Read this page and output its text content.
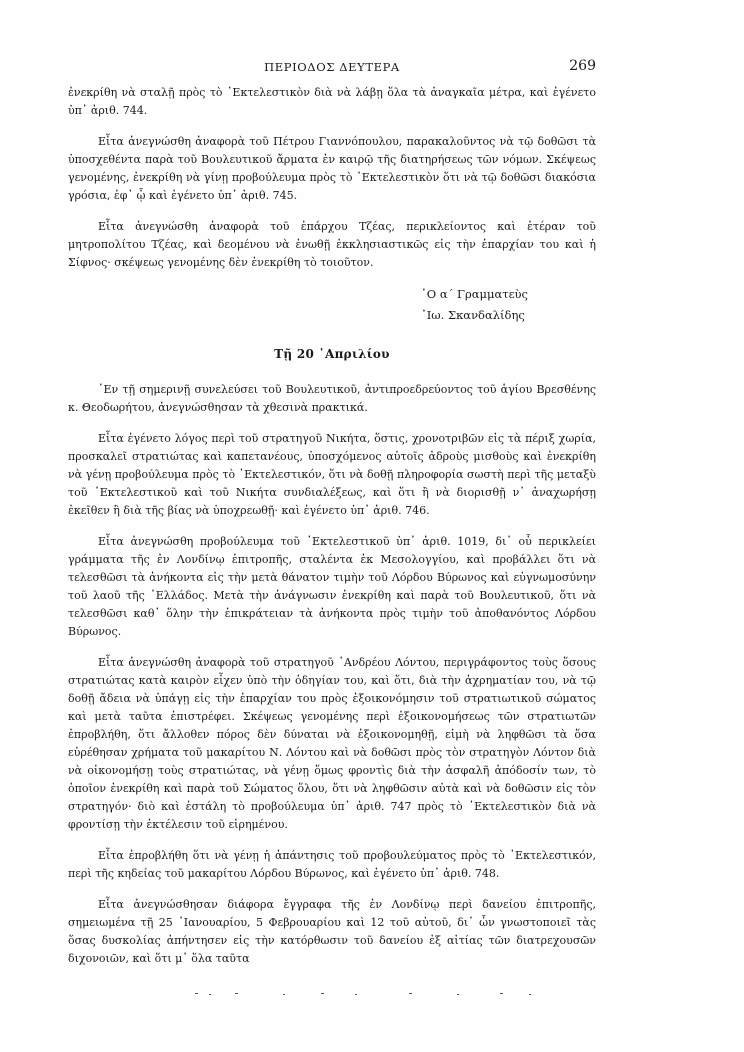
ΠΕΡΙΟΔΟΣ ΔΕΥΤΕΡΑ	269

ἐνεκρίθη νὰ σταλῇ πρὸς τὸ ᾿Εκτελεστικὸν διὰ νὰ λάβῃ ὅλα τὰ ἀναγκαῖα μέτρα, καὶ ἐγένετο ὑπ᾿ ἀριθ. 744.

Εἶτα ἀνεγνώσθη ἀναφορὰ τοῦ Πέτρου Γιαννόπουλου, παρακαλοῦντος νὰ τῷ δοθῶσι τὰ ὑποσχεθέντα παρὰ τοῦ Βουλευτικοῦ ἄρματα ἐν καιρῷ τῆς διατηρήσεως τῶν νόμων. Σκέψεως γενομένης, ἐνεκρίθη νὰ γίνῃ προβούλευμα πρὸς τὸ ᾿Εκτελεστικὸν ὅτι νὰ τῷ δοθῶσι διακόσια γρόσια, ἐφ᾿ ᾧ καὶ ἐγένετο ὑπ᾿ ἀριθ. 745.

Εἶτα ἀνεγνώσθη ἀναφορὰ τοῦ ἐπάρχου Τζέας, περικλείοντος καὶ ἑτέραν τοῦ μητροπολίτου Τζέας, καὶ δεομένου νὰ ἑνωθῇ ἐκκλησιαστικῶς εἰς τὴν ἐπαρχίαν του καὶ ἡ Σίφνος· σκέψεως γενομένης δὲν ἐνεκρίθη τὸ τοιοῦτον.

῾Ο α΄ Γραμματεὺς
᾿Ιω. Σκανδαλίδης
Τῇ 20 ᾿Απριλίου

᾿Εν τῇ σημερινῇ συνελεύσει τοῦ Βουλευτικοῦ, ἀντιπροεδρεύοντος τοῦ ἁγίου Βρεσθένης κ. Θεοδωρήτου, ἀνεγνώσθησαν τὰ χθεσινὰ πρακτικά.

Εἶτα ἐγένετο λόγος περὶ τοῦ στρατηγοῦ Νικήτα, ὅστις, χρονοτριβῶν εἰς τὰ πέριξ χωρία, προσκαλεῖ στρατιώτας καὶ καπετανέους, ὑποσχόμενος αὐτοῖς ἀδροὺς μισθοὺς καὶ ἐνεκρίθη νὰ γένῃ προβούλευμα πρὸς τὸ ᾿Εκτελεστικόν, ὅτι νὰ δοθῇ πληροφορία σωστὴ περὶ τῆς μεταξὺ τοῦ ᾿Εκτελεστικοῦ καὶ τοῦ Νικήτα συνδιαλέξεως, καὶ ὅτι ἢ νὰ διορισθῇ ν᾿ ἀναχωρήσῃ ἐκεῖθεν ἢ διὰ τῆς βίας νὰ ὑποχρεωθῇ· καὶ ἐγένετο ὑπ᾿ ἀριθ. 746.

Εἶτα ἀνεγνώσθη προβούλευμα τοῦ ᾿Εκτελεστικοῦ ὑπ᾿ ἀριθ. 1019, δι᾿ οὗ περικλείει γράμματα τῆς ἐν Λονδίνῳ ἐπιτροπῆς, σταλέντα ἐκ Μεσολογγίου, καὶ προβάλλει ὅτι νὰ τελεσθῶσι τὰ ἀνήκοντα εἰς τὴν μετὰ θάνατον τιμὴν τοῦ Λόρδου Βύρωνος καὶ εὐγνωμοσύνην τοῦ λαοῦ τῆς ῾Ελλάδος. Μετὰ τὴν ἀνάγνωσιν ἐνεκρίθη καὶ παρὰ τοῦ Βουλευτικοῦ, ὅτι νὰ τελεσθῶσι καθ᾿ ὅλην τὴν ἐπικράτειαν τὰ ἀνήκοντα πρὸς τιμὴν τοῦ ἀποθανόντος Λόρδου Βύρωνος.

Εἶτα ἀνεγνώσθη ἀναφορὰ τοῦ στρατηγοῦ ᾿Ανδρέου Λόντου, περιγράφοντος τοὺς ὅσους στρατιώτας κατὰ καιρὸν εἶχεν ὑπὸ τὴν ὁδηγίαν του, καὶ ὅτι, διὰ τὴν ἀχρηματίαν του, νὰ τῷ δοθῇ ἄδεια νὰ ὑπάγῃ εἰς τὴν ἐπαρχίαν του πρὸς ἐξοικονόμησιν τοῦ στρατιωτικοῦ σώματος καὶ μετὰ ταῦτα ἐπιστρέφει. Σκέψεως γενομένης περὶ ἐξοικονομήσεως τῶν στρατιωτῶν ἐπροβλήθη, ὅτι ἄλλοθεν πόρος δὲν δύναται νὰ ἐξοικονομηθῇ, εἰμὴ νὰ ληφθῶσι τὰ ὅσα εὑρέθησαν χρήματα τοῦ μακαρίτου Ν. Λόντου καὶ νὰ δοθῶσι πρὸς τὸν στρατηγὸν Λόντον διὰ νὰ οἰκονομήσῃ τοὺς στρατιώτας, νὰ γένῃ ὅμως φροντὶς διὰ τὴν ἀσφαλῆ ἀπόδοσίν των, τὸ ὁποῖον ἐνεκρίθη καὶ παρὰ τοῦ Σώματος ὅλου, ὅτι νὰ ληφθῶσιν αὐτὰ καὶ νὰ δοθῶσιν εἰς τὸν στρατηγόν· διὸ καὶ ἐστάλη τὸ προβούλευμα ὑπ᾿ ἀριθ. 747 πρὸς τὸ ᾿Εκτελεστικὸν διὰ νὰ φροντίσῃ τὴν ἐκτέλεσιν τοῦ εἰρημένου.

Εἶτα ἐπροβλήθη ὅτι νὰ γένῃ ἡ ἀπάντησις τοῦ προβουλεύματος πρὸς τὸ ᾿Εκτελεστικόν, περὶ τῆς κηδείας τοῦ μακαρίτου Λόρδου Βύρωνος, καὶ ἐγένετο ὑπ᾿ ἀριθ. 748.

Εἶτα ἀνεγνώσθησαν διάφορα ἔγγραφα τῆς ἐν Λονδίνῳ περὶ δανείου ἐπιτροπῆς, σημειωμένα τῇ 25 ᾿Ιανουαρίου, 5 Φεβρουαρίου καὶ 12 τοῦ αὐτοῦ, δι᾿ ὧν γνωστοποιεῖ τὰς ὅσας δυσκολίας ἀπήντησεν εἰς τὴν κατόρθωσιν τοῦ δανείου ἐξ αἰτίας τῶν διατρεχουσῶν διχονοιῶν, καὶ ὅτι μ᾿ ὅλα ταῦτα
